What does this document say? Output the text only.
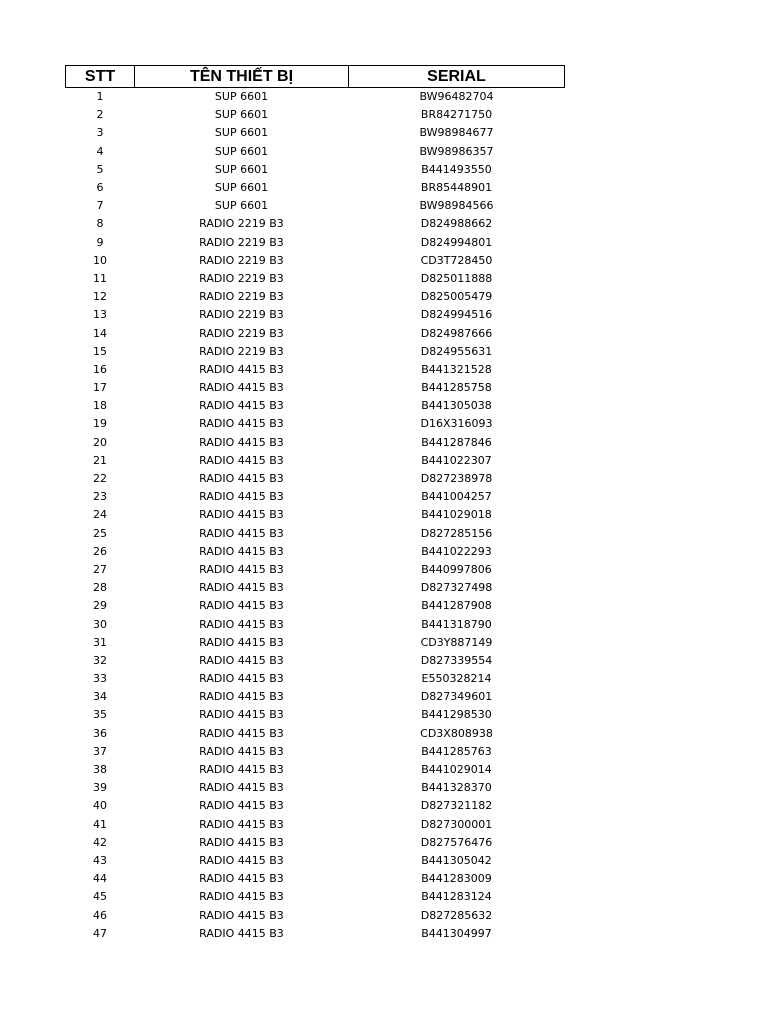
STT	TÊN THIẾT BỊ	SERIAL
1	SUP 6601	BW96482704
2	SUP 6601	BR84271750
3	SUP 6601	BW98984677
4	SUP 6601	BW98986357
5	SUP 6601	B441493550
6	SUP 6601	BR85448901
7	SUP 6601	BW98984566
8	RADIO 2219 B3	D824988662
9	RADIO 2219 B3	D824994801
10	RADIO 2219 B3	CD3T728450
11	RADIO 2219 B3	D825011888
12	RADIO 2219 B3	D825005479
13	RADIO 2219 B3	D824994516
14	RADIO 2219 B3	D824987666
15	RADIO 2219 B3	D824955631
16	RADIO 4415 B3	B441321528
17	RADIO 4415 B3	B441285758
18	RADIO 4415 B3	B441305038
19	RADIO 4415 B3	D16X316093
20	RADIO 4415 B3	B441287846
21	RADIO 4415 B3	B441022307
22	RADIO 4415 B3	D827238978
23	RADIO 4415 B3	B441004257
24	RADIO 4415 B3	B441029018
25	RADIO 4415 B3	D827285156
26	RADIO 4415 B3	B441022293
27	RADIO 4415 B3	B440997806
28	RADIO 4415 B3	D827327498
29	RADIO 4415 B3	B441287908
30	RADIO 4415 B3	B441318790
31	RADIO 4415 B3	CD3Y887149
32	RADIO 4415 B3	D827339554
33	RADIO 4415 B3	E550328214
34	RADIO 4415 B3	D827349601
35	RADIO 4415 B3	B441298530
36	RADIO 4415 B3	CD3X808938
37	RADIO 4415 B3	B441285763
38	RADIO 4415 B3	B441029014
39	RADIO 4415 B3	B441328370
40	RADIO 4415 B3	D827321182
41	RADIO 4415 B3	D827300001
42	RADIO 4415 B3	D827576476
43	RADIO 4415 B3	B441305042
44	RADIO 4415 B3	B441283009
45	RADIO 4415 B3	B441283124
46	RADIO 4415 B3	D827285632
47	RADIO 4415 B3	B441304997
